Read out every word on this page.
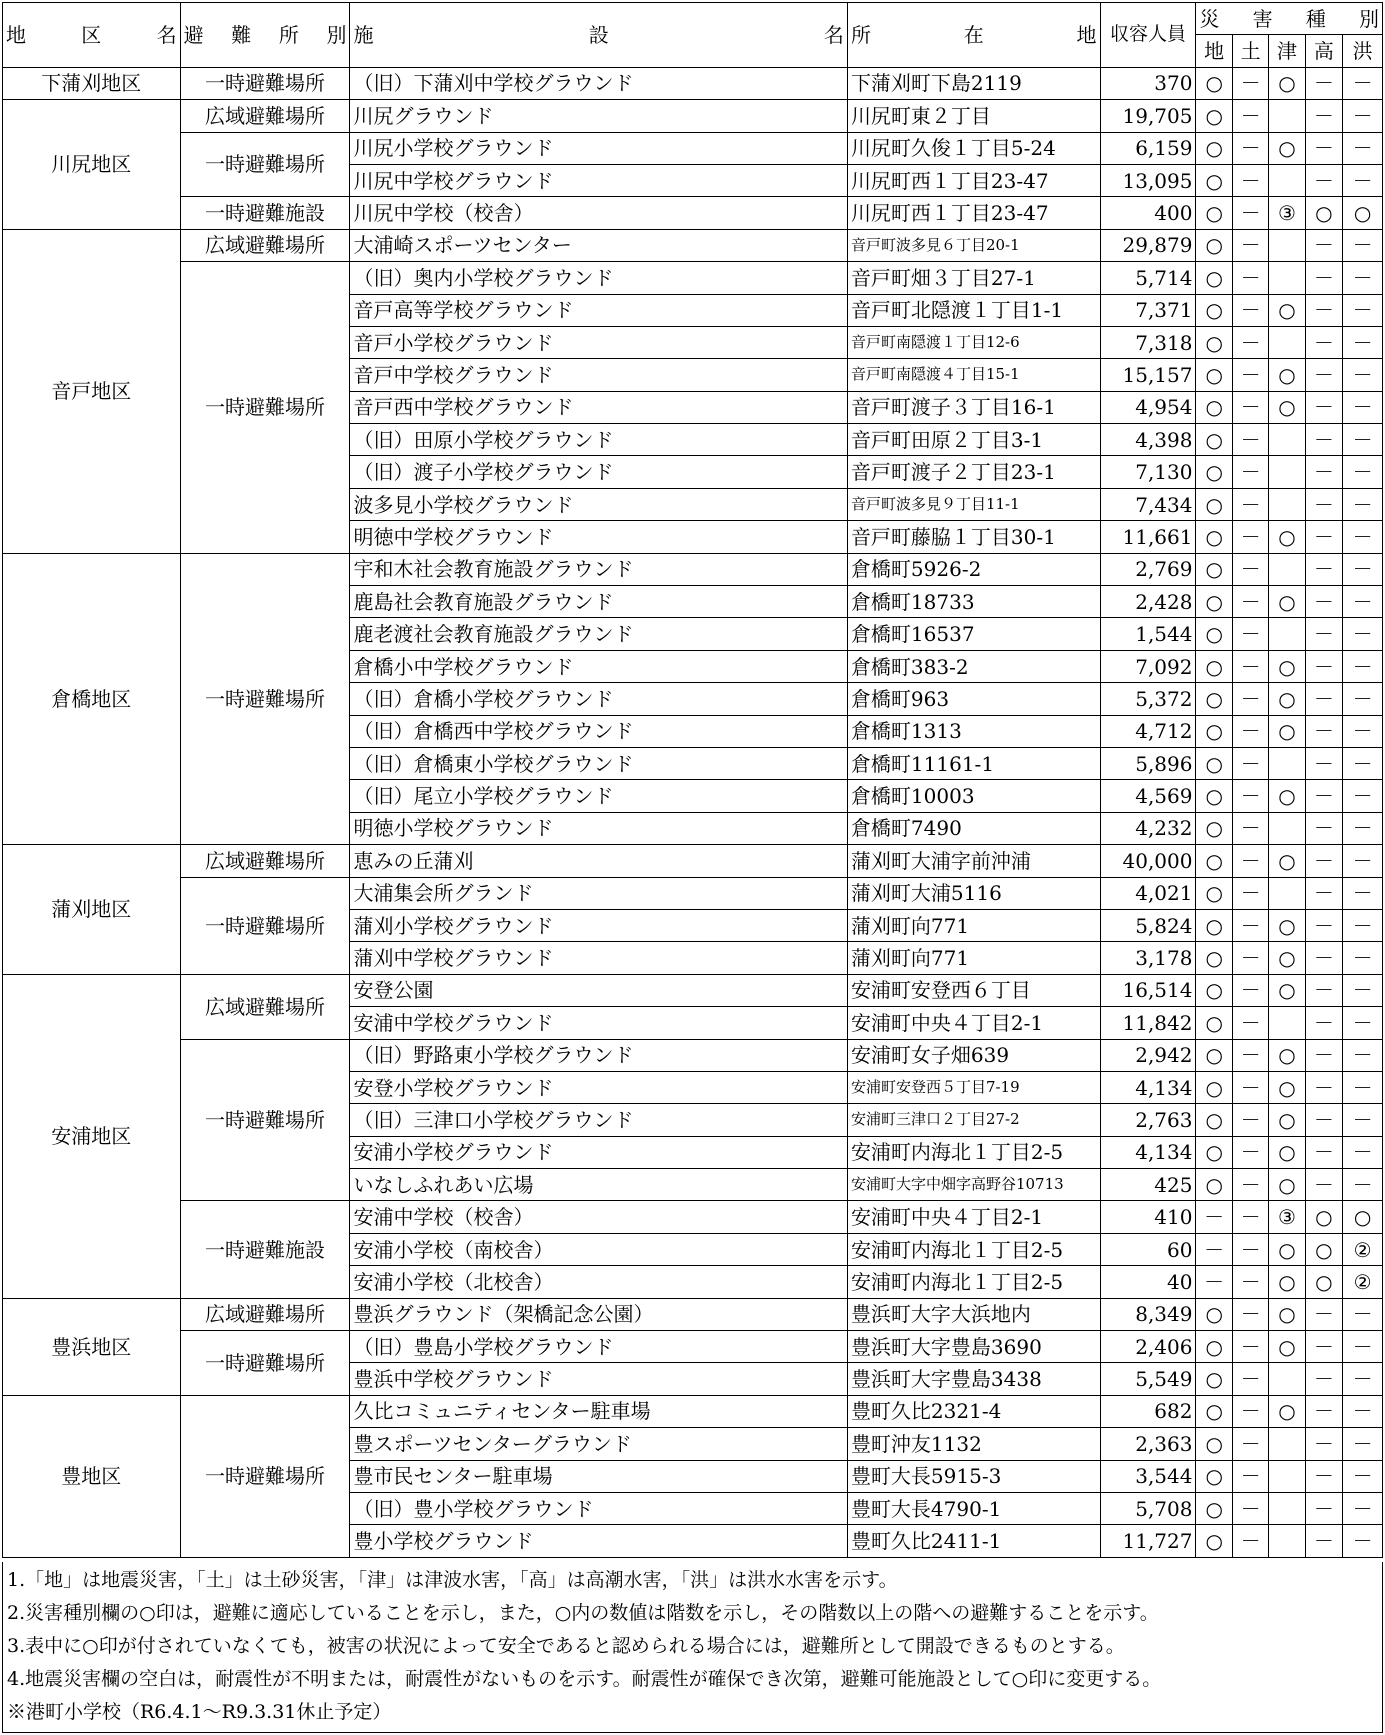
地　区　名	避 難 所 別	施　　設　　名	所　在　地	収容人員	災　害　種　別				
					地	土	津	高	洪
下蒲刈地区	一時避難場所	（旧）下蒲刈中学校グラウンド	下蒲刈町下島2119	370	○	－	○	－	－
川尻地区	広域避難場所	川尻グラウンド	川尻町東２丁目	19,705	○	－		－	－
	一時避難場所	川尻小学校グラウンド	川尻町久俊１丁目5-24	6,159	○	－	○	－	－
		川尻中学校グラウンド	川尻町西１丁目23-47	13,095	○	－		－	－
	一時避難施設	川尻中学校（校舎）	川尻町西１丁目23-47	400	○	－	③	○	○
音戸地区	広域避難場所	大浦崎スポーツセンター	音戸町波多見６丁目20-1	29,879	○	－		－	－
	一時避難場所	（旧）奥内小学校グラウンド	音戸町畑３丁目27-1	5,714	○	－		－	－
		音戸高等学校グラウンド	音戸町北隠渡１丁目1-1	7,371	○	－	○	－	－
		音戸小学校グラウンド	音戸町南隠渡１丁目12-6	7,318	○	－		－	－
		音戸中学校グラウンド	音戸町南隠渡４丁目15-1	15,157	○	－	○	－	－
		音戸西中学校グラウンド	音戸町渡子３丁目16-1	4,954	○	－	○	－	－
		（旧）田原小学校グラウンド	音戸町田原２丁目3-1	4,398	○	－		－	－
		（旧）渡子小学校グラウンド	音戸町渡子２丁目23-1	7,130	○	－		－	－
		波多見小学校グラウンド	音戸町波多見９丁目11-1	7,434	○	－		－	－
		明徳中学校グラウンド	音戸町藤脇１丁目30-1	11,661	○	－	○	－	－
倉橋地区	一時避難場所	宇和木社会教育施設グラウンド	倉橋町5926-2	2,769	○	－		－	－
		鹿島社会教育施設グラウンド	倉橋町18733	2,428	○	－	○	－	－
		鹿老渡社会教育施設グラウンド	倉橋町16537	1,544	○	－		－	－
		倉橋小中学校グラウンド	倉橋町383-2	7,092	○	－	○	－	－
		（旧）倉橋小学校グラウンド	倉橋町963	5,372	○	－	○	－	－
		（旧）倉橋西中学校グラウンド	倉橋町1313	4,712	○	－	○	－	－
		（旧）倉橋東小学校グラウンド	倉橋町11161-1	5,896	○	－		－	－
		（旧）尾立小学校グラウンド	倉橋町10003	4,569	○	－	○	－	－
		明徳小学校グラウンド	倉橋町7490	4,232	○	－		－	－
蒲刈地区	広域避難場所	恵みの丘蒲刈	蒲刈町大浦字前沖浦	40,000	○	－	○	－	－
	一時避難場所	大浦集会所グランド	蒲刈町大浦5116	4,021	○	－		－	－
		蒲刈小学校グラウンド	蒲刈町向771	5,824	○	－	○	－	－
		蒲刈中学校グラウンド	蒲刈町向771	3,178	○	－	○	－	－
安浦地区	広域避難場所	安登公園	安浦町安登西６丁目	16,514	○	－	○	－	－
		安浦中学校グラウンド	安浦町中央４丁目2-1	11,842	○	－		－	－
	一時避難場所	（旧）野路東小学校グラウンド	安浦町女子畑639	2,942	○	－	○	－	－
		安登小学校グラウンド	安浦町安登西５丁目7-19	4,134	○	－	○	－	－
		（旧）三津口小学校グラウンド	安浦町三津口２丁目27-2	2,763	○	－	○	－	－
		安浦小学校グラウンド	安浦町内海北１丁目2-5	4,134	○	－	○	－	－
		いなしふれあい広場	安浦町大字中畑字高野谷10713	425	○	－	○	－	－
	一時避難施設	安浦中学校（校舎）	安浦町中央４丁目2-1	410	－	－	③	○	○
		安浦小学校（南校舎）	安浦町内海北１丁目2-5	60	－	－	○	○	②
		安浦小学校（北校舎）	安浦町内海北１丁目2-5	40	－	－	○	○	②
豊浜地区	広域避難場所	豊浜グラウンド（架橋記念公園）	豊浜町大字大浜地内	8,349	○	－	○	－	－
	一時避難場所	（旧）豊島小学校グラウンド	豊浜町大字豊島3690	2,406	○	－	○	－	－
		豊浜中学校グラウンド	豊浜町大字豊島3438	5,549	○	－		－	－
豊地区	一時避難場所	久比コミュニティセンター駐車場	豊町久比2321-4	682	○	－	○	－	－
		豊スポーツセンターグラウンド	豊町沖友1132	2,363	○	－		－	－
		豊市民センター駐車場	豊町大長5915-3	3,544	○	－		－	－
		（旧）豊小学校グラウンド	豊町大長4790-1	5,708	○	－		－	－
		豊小学校グラウンド	豊町久比2411-1	11,727	○	－		－	－
1.「地」は地震災害，「土」は土砂災害，「津」は津波水害，「高」は高潮水害，「洪」は洪水水害を示す。
2.災害種別欄の○印は，避難に適応していることを示し，また，○内の数値は階数を示し，その階数以上の階への避難することを示す。
3.表中に○印が付されていなくても，被害の状況によって安全であると認められる場合には，避難所として開設できるものとする。
4.地震災害欄の空白は，耐震性が不明または，耐震性がないものを示す。耐震性が確保でき次第，避難可能施設として○印に変更する。
※港町小学校（R6.4.1～R9.3.31休止予定）
